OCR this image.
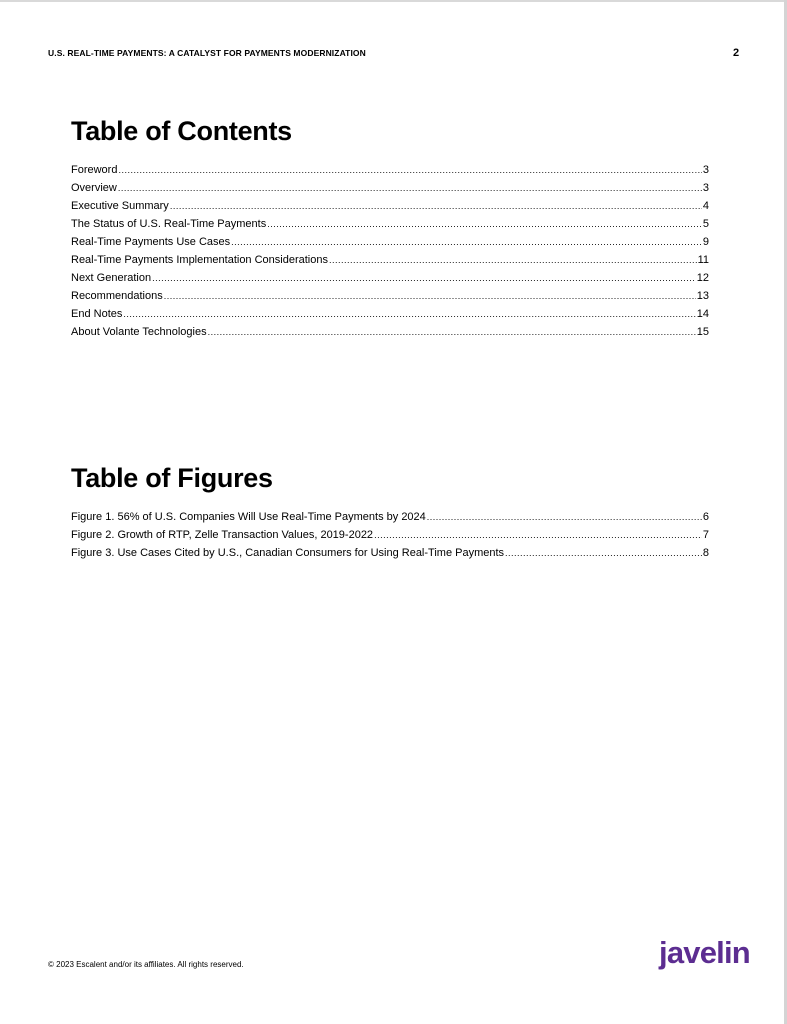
U.S. REAL-TIME PAYMENTS: A CATALYST FOR PAYMENTS MODERNIZATION	2
Table of Contents
Foreword .....	3
Overview .....	3
Executive Summary .....	4
The Status of U.S. Real-Time Payments .....	5
Real-Time Payments Use Cases .....	9
Real-Time Payments Implementation Considerations .....	11
Next Generation .....	12
Recommendations .....	13
End Notes .....	14
About Volante Technologies .....	15
Table of Figures
Figure 1. 56% of U.S. Companies Will Use Real-Time Payments by 2024 .....	6
Figure 2. Growth of RTP, Zelle Transaction Values, 2019-2022 .....	7
Figure 3. Use Cases Cited by U.S., Canadian Consumers for Using Real-Time Payments .....	8
© 2023 Escalent and/or its affiliates. All rights reserved.	javelin
